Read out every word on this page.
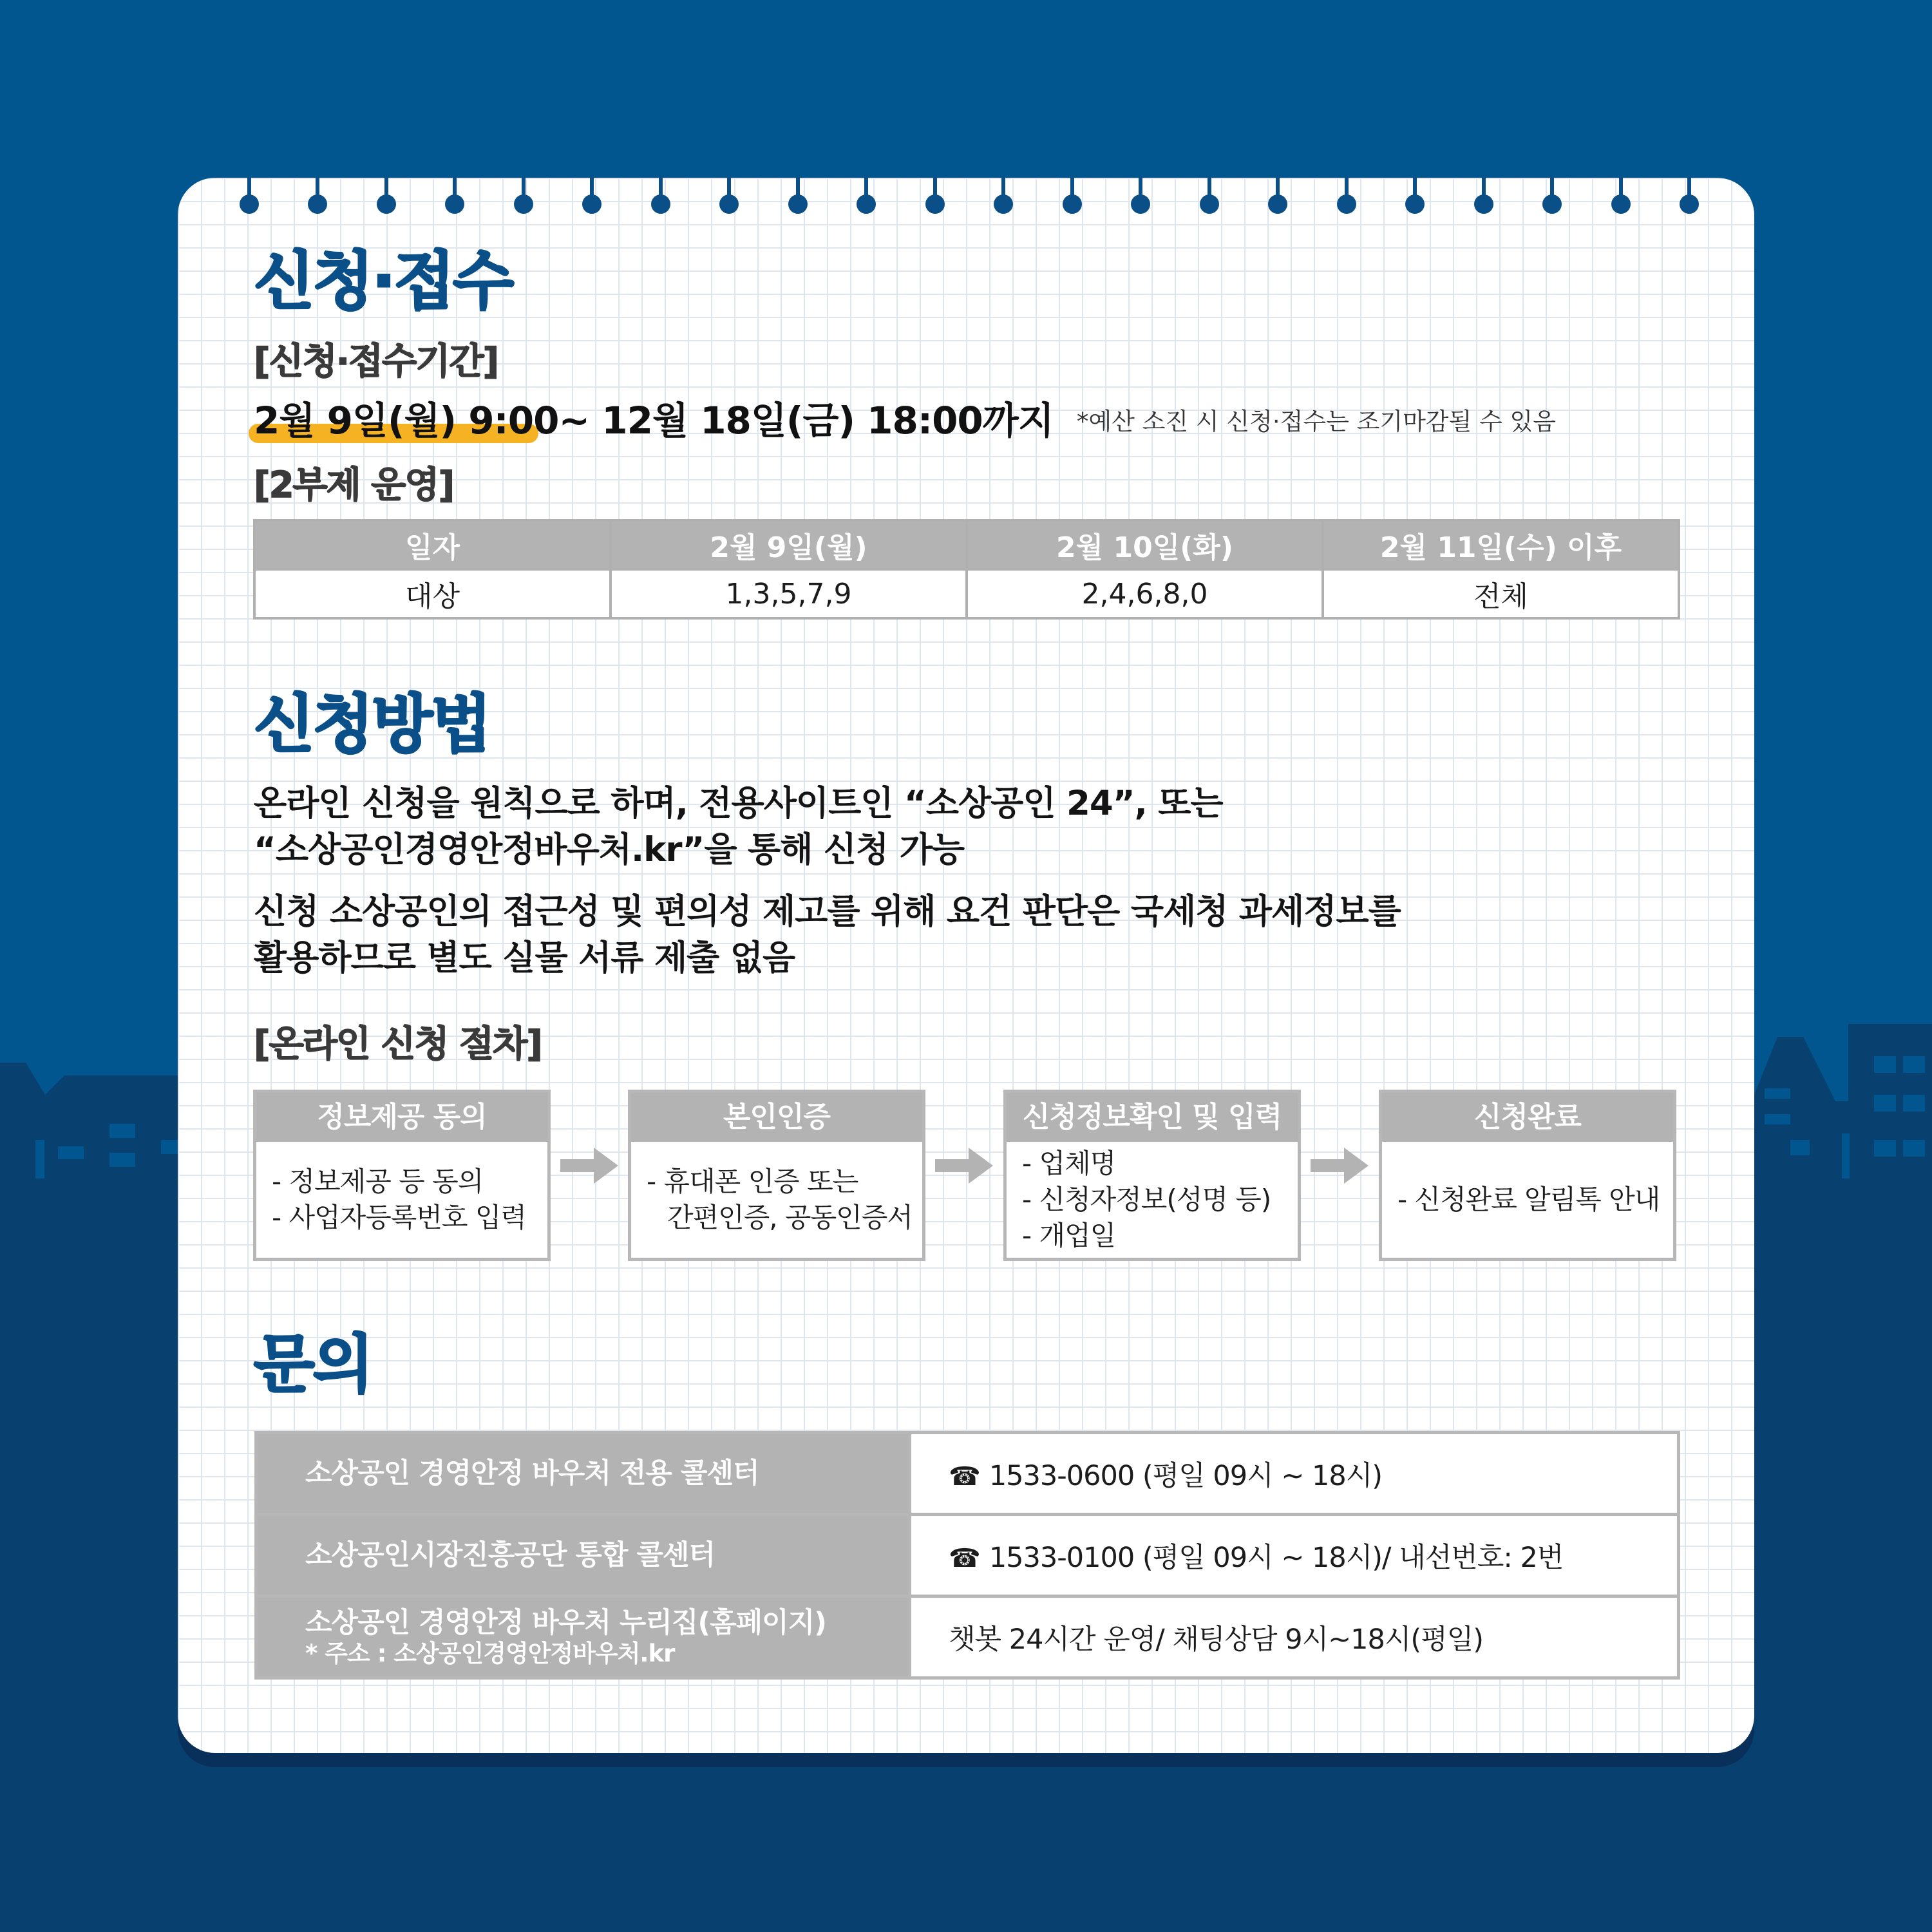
신청·접수
[신청·접수기간]
2월 9일(월) 9:00~ 12월 18일(금) 18:00까지 *예산 소진 시 신청·접수는 조기마감될 수 있음
[2부제 운영]
일자	2월 9일(월)	2월 10일(화)	2월 11일(수) 이후
대상	1,3,5,7,9	2,4,6,8,0	전체
신청방법

온라인 신청을 원칙으로 하며, 전용사이트인 “소상공인 24”, 또는
“소상공인경영안정바우처.kr”을 통해 신청 가능

신청 소상공인의 접근성 및 편의성 제고를 위해 요건 판단은 국세청 과세정보를
활용하므로 별도 실물 서류 제출 없음

[온라인 신청 절차]
정보제공 동의
- 정보제공 등 동의
- 사업자등록번호 입력
본인인증
- 휴대폰 인증 또는
간편인증, 공동인증서
신청정보확인 및 입력
- 업체명
- 신청자정보(성명 등)
- 개업일
신청완료
- 신청완료 알림톡 안내
문의
소상공인 경영안정 바우처 전용 콜센터	☎ 1533-0600 (평일 09시 ~ 18시)
소상공인시장진흥공단 통합 콜센터	☎ 1533-0100 (평일 09시 ~ 18시)/ 내선번호: 2번
소상공인 경영안정 바우처 누리집(홈페이지)
* 주소 : 소상공인경영안정바우처.kr	챗봇 24시간 운영/ 채팅상담 9시~18시(평일)
